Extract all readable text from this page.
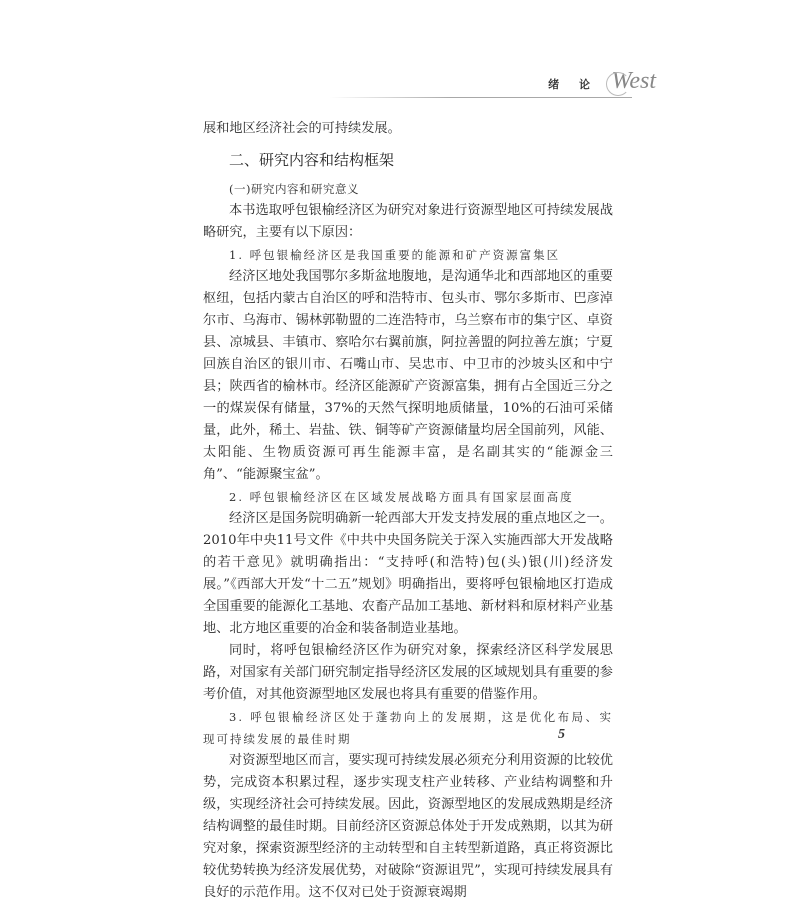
绪 论 West

展和地区经济社会的可持续发展。

二、研究内容和结构框架
(一)研究内容和研究意义

本书选取呼包银榆经济区为研究对象进行资源型地区可持续发展战略研究，主要有以下原因：

1. 呼包银榆经济区是我国重要的能源和矿产资源富集区

经济区地处我国鄂尔多斯盆地腹地，是沟通华北和西部地区的重要枢纽，包括内蒙古自治区的呼和浩特市、包头市、鄂尔多斯市、巴彦淖尔市、乌海市、锡林郭勒盟的二连浩特市，乌兰察布市的集宁区、卓资县、凉城县、丰镇市、察哈尔右翼前旗，阿拉善盟的阿拉善左旗；宁夏回族自治区的银川市、石嘴山市、吴忠市、中卫市的沙坡头区和中宁县；陕西省的榆林市。经济区能源矿产资源富集，拥有占全国近三分之一的煤炭保有储量，37%的天然气探明地质储量，10%的石油可采储量，此外，稀土、岩盐、铁、铜等矿产资源储量均居全国前列，风能、太阳能、生物质资源可再生能源丰富，是名副其实的“能源金三角”、“能源聚宝盆”。

2. 呼包银榆经济区在区域发展战略方面具有国家层面高度

经济区是国务院明确新一轮西部大开发支持发展的重点地区之一。2010年中央11号文件《中共中央国务院关于深入实施西部大开发战略的若干意见》就明确指出：“支持呼(和浩特)包(头)银(川)经济发展。”《西部大开发“十二五”规划》明确指出，要将呼包银榆地区打造成全国重要的能源化工基地、农畜产品加工基地、新材料和原材料产业基地、北方地区重要的冶金和装备制造业基地。

同时，将呼包银榆经济区作为研究对象，探索经济区科学发展思路，对国家有关部门研究制定指导经济区发展的区域规划具有重要的参考价值，对其他资源型地区发展也将具有重要的借鉴作用。

3. 呼包银榆经济区处于蓬勃向上的发展期，这是优化布局、实现可持续发展的最佳时期

对资源型地区而言，要实现可持续发展必须充分利用资源的比较优势，完成资本积累过程，逐步实现支柱产业转移、产业结构调整和升级，实现经济社会可持续发展。因此，资源型地区的发展成熟期是经济结构调整的最佳时期。目前经济区资源总体处于开发成熟期，以其为研究对象，探索资源型经济的主动转型和自主转型新道路，真正将资源比较优势转换为经济发展优势，对破除“资源诅咒”，实现可持续发展具有良好的示范作用。这不仅对已处于资源衰竭期

5
